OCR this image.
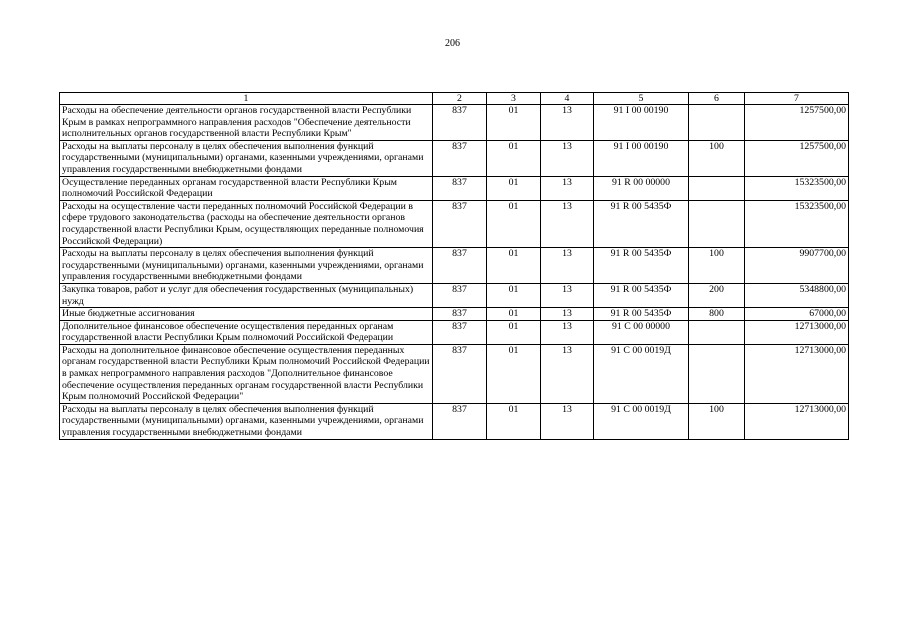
206
1	2	3	4	5	6	7
Расходы на обеспечение деятельности органов государственной власти Республики Крым в рамках непрограммного направления расходов "Обеспечение деятельности исполнительных органов государственной власти Республики Крым"	837	01	13	91 I 00 00190		1257500,00
Расходы на выплаты персоналу в целях обеспечения выполнения функций государственными (муниципальными) органами, казенными учреждениями, органами управления государственными внебюджетными фондами	837	01	13	91 I 00 00190	100	1257500,00
Осуществление переданных органам государственной власти Республики Крым полномочий Российской Федерации	837	01	13	91 R 00 00000		15323500,00
Расходы на осуществление части переданных полномочий Российской Федерации в сфере трудового законодательства (расходы на обеспечение деятельности органов государственной власти Республики Крым, осуществляющих переданные полномочия Российской Федерации)	837	01	13	91 R 00 5435Ф		15323500,00
Расходы на выплаты персоналу в целях обеспечения выполнения функций государственными (муниципальными) органами, казенными учреждениями, органами управления государственными внебюджетными фондами	837	01	13	91 R 00 5435Ф	100	9907700,00
Закупка товаров, работ и услуг для обеспечения государственных (муниципальных) нужд	837	01	13	91 R 00 5435Ф	200	5348800,00
Иные бюджетные ассигнования	837	01	13	91 R 00 5435Ф	800	67000,00
Дополнительное финансовое обеспечение осуществления переданных органам государственной власти Республики Крым полномочий Российской Федерации	837	01	13	91 С 00 00000		12713000,00
Расходы на дополнительное финансовое обеспечение осуществления переданных органам государственной власти Республики Крым полномочий Российской Федерации в рамках непрограммного направления расходов "Дополнительное финансовое обеспечение осуществления переданных органам государственной власти Республики Крым полномочий Российской Федерации"	837	01	13	91 С 00 0019Д		12713000,00
Расходы на выплаты персоналу в целях обеспечения выполнения функций государственными (муниципальными) органами, казенными учреждениями, органами управления государственными внебюджетными фондами	837	01	13	91 С 00 0019Д	100	12713000,00
